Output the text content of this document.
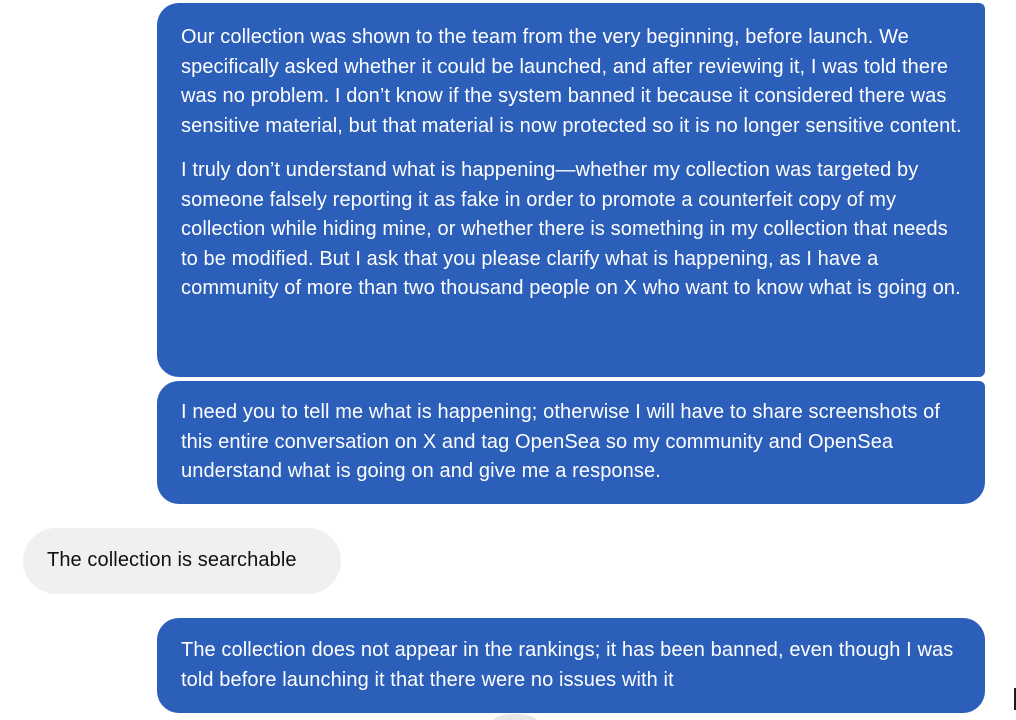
Our collection was shown to the team from the very beginning, before launch. We specifically asked whether it could be launched, and after reviewing it, I was told there was no problem. I don’t know if the system banned it because it considered there was sensitive material, but that material is now protected so it is no longer sensitive content.

I truly don’t understand what is happening—whether my collection was targeted by someone falsely reporting it as fake in order to promote a counterfeit copy of my collection while hiding mine, or whether there is something in my collection that needs to be modified. But I ask that you please clarify what is happening, as I have a community of more than two thousand people on X who want to know what is going on.

I need you to tell me what is happening; otherwise I will have to share screenshots of this entire conversation on X and tag OpenSea so my community and OpenSea understand what is going on and give me a response.

The collection is searchable

The collection does not appear in the rankings; it has been banned, even though I was told before launching it that there were no issues with it
